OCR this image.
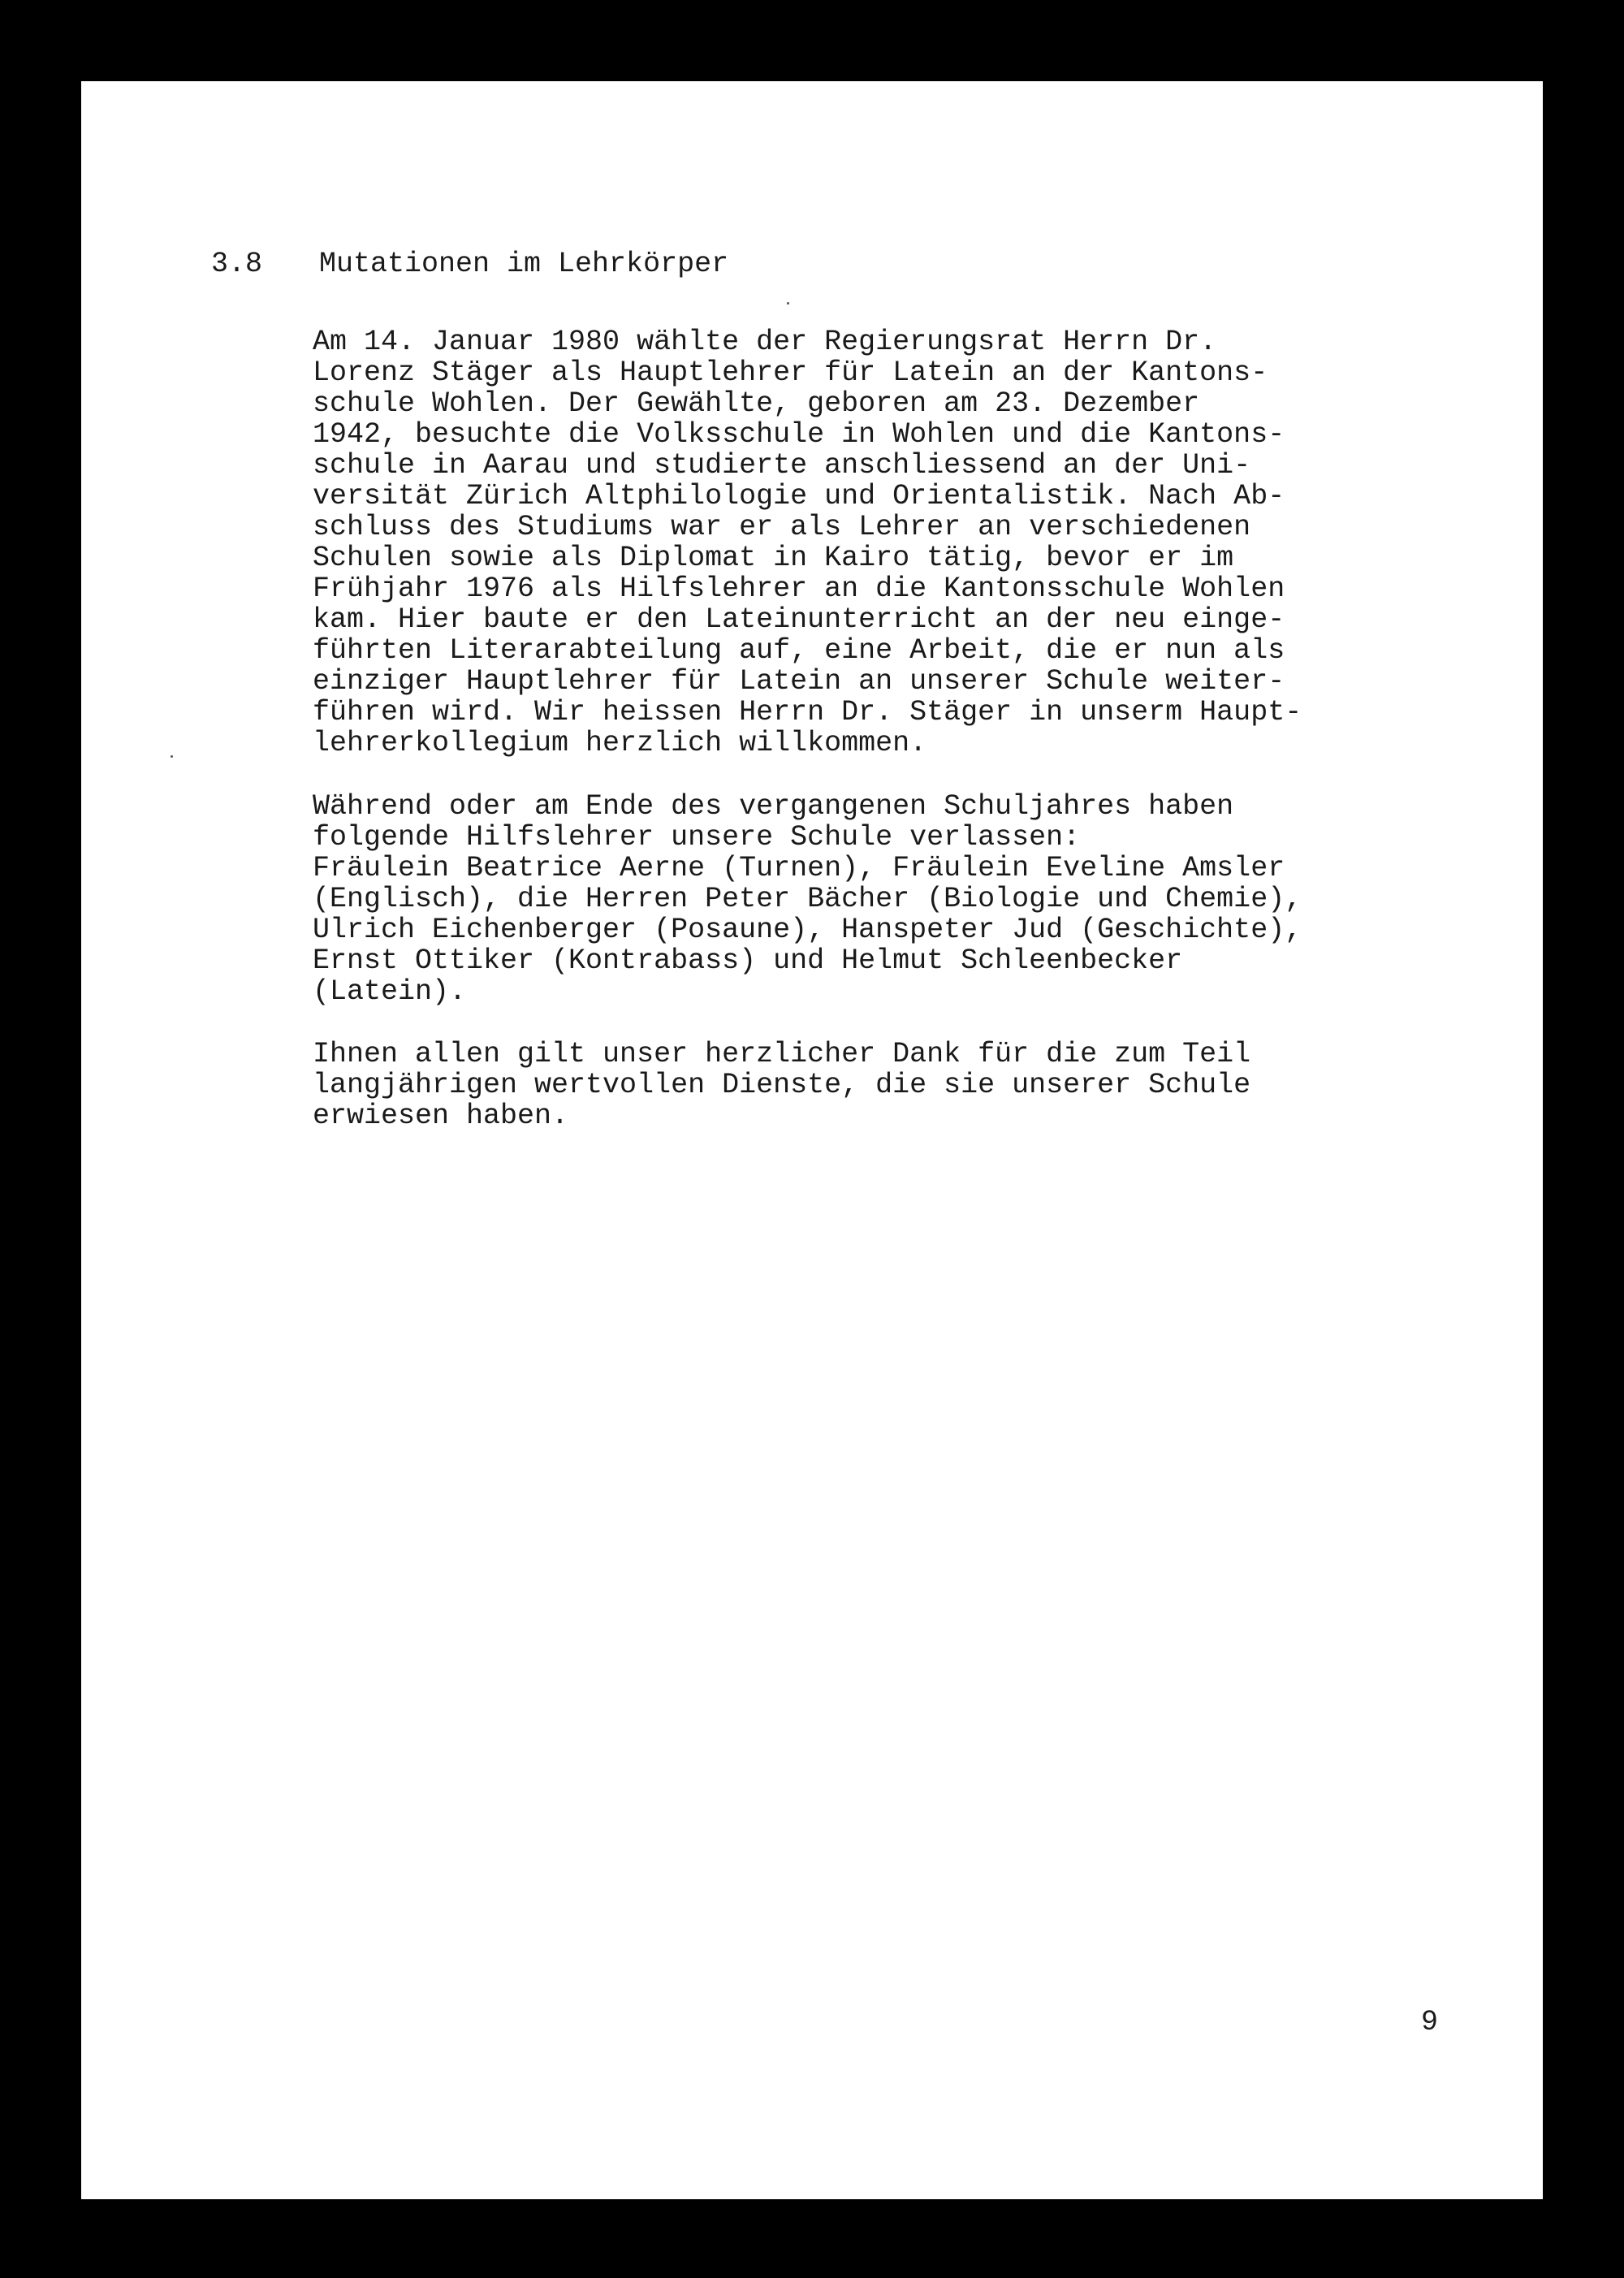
3.8 Mutationen im Lehrkörper

Am 14. Januar 1980 wählte der Regierungsrat Herrn Dr.
Lorenz Stäger als Hauptlehrer für Latein an der Kantons-
schule Wohlen. Der Gewählte, geboren am 23. Dezember
1942, besuchte die Volksschule in Wohlen und die Kantons-
schule in Aarau und studierte anschliessend an der Uni-
versität Zürich Altphilologie und Orientalistik. Nach Ab-
schluss des Studiums war er als Lehrer an verschiedenen
Schulen sowie als Diplomat in Kairo tätig, bevor er im
Frühjahr 1976 als Hilfslehrer an die Kantonsschule Wohlen
kam. Hier baute er den Lateinunterricht an der neu einge-
führten Literarabteilung auf, eine Arbeit, die er nun als
einziger Hauptlehrer für Latein an unserer Schule weiter-
führen wird. Wir heissen Herrn Dr. Stäger in unserm Haupt-
lehrerkollegium herzlich willkommen.

Während oder am Ende des vergangenen Schuljahres haben
folgende Hilfslehrer unsere Schule verlassen:
Fräulein Beatrice Aerne (Turnen), Fräulein Eveline Amsler
(Englisch), die Herren Peter Bächer (Biologie und Chemie),
Ulrich Eichenberger (Posaune), Hanspeter Jud (Geschichte),
Ernst Ottiker (Kontrabass) und Helmut Schleenbecker
(Latein).

Ihnen allen gilt unser herzlicher Dank für die zum Teil
langjährigen wertvollen Dienste, die sie unserer Schule
erwiesen haben.

9
